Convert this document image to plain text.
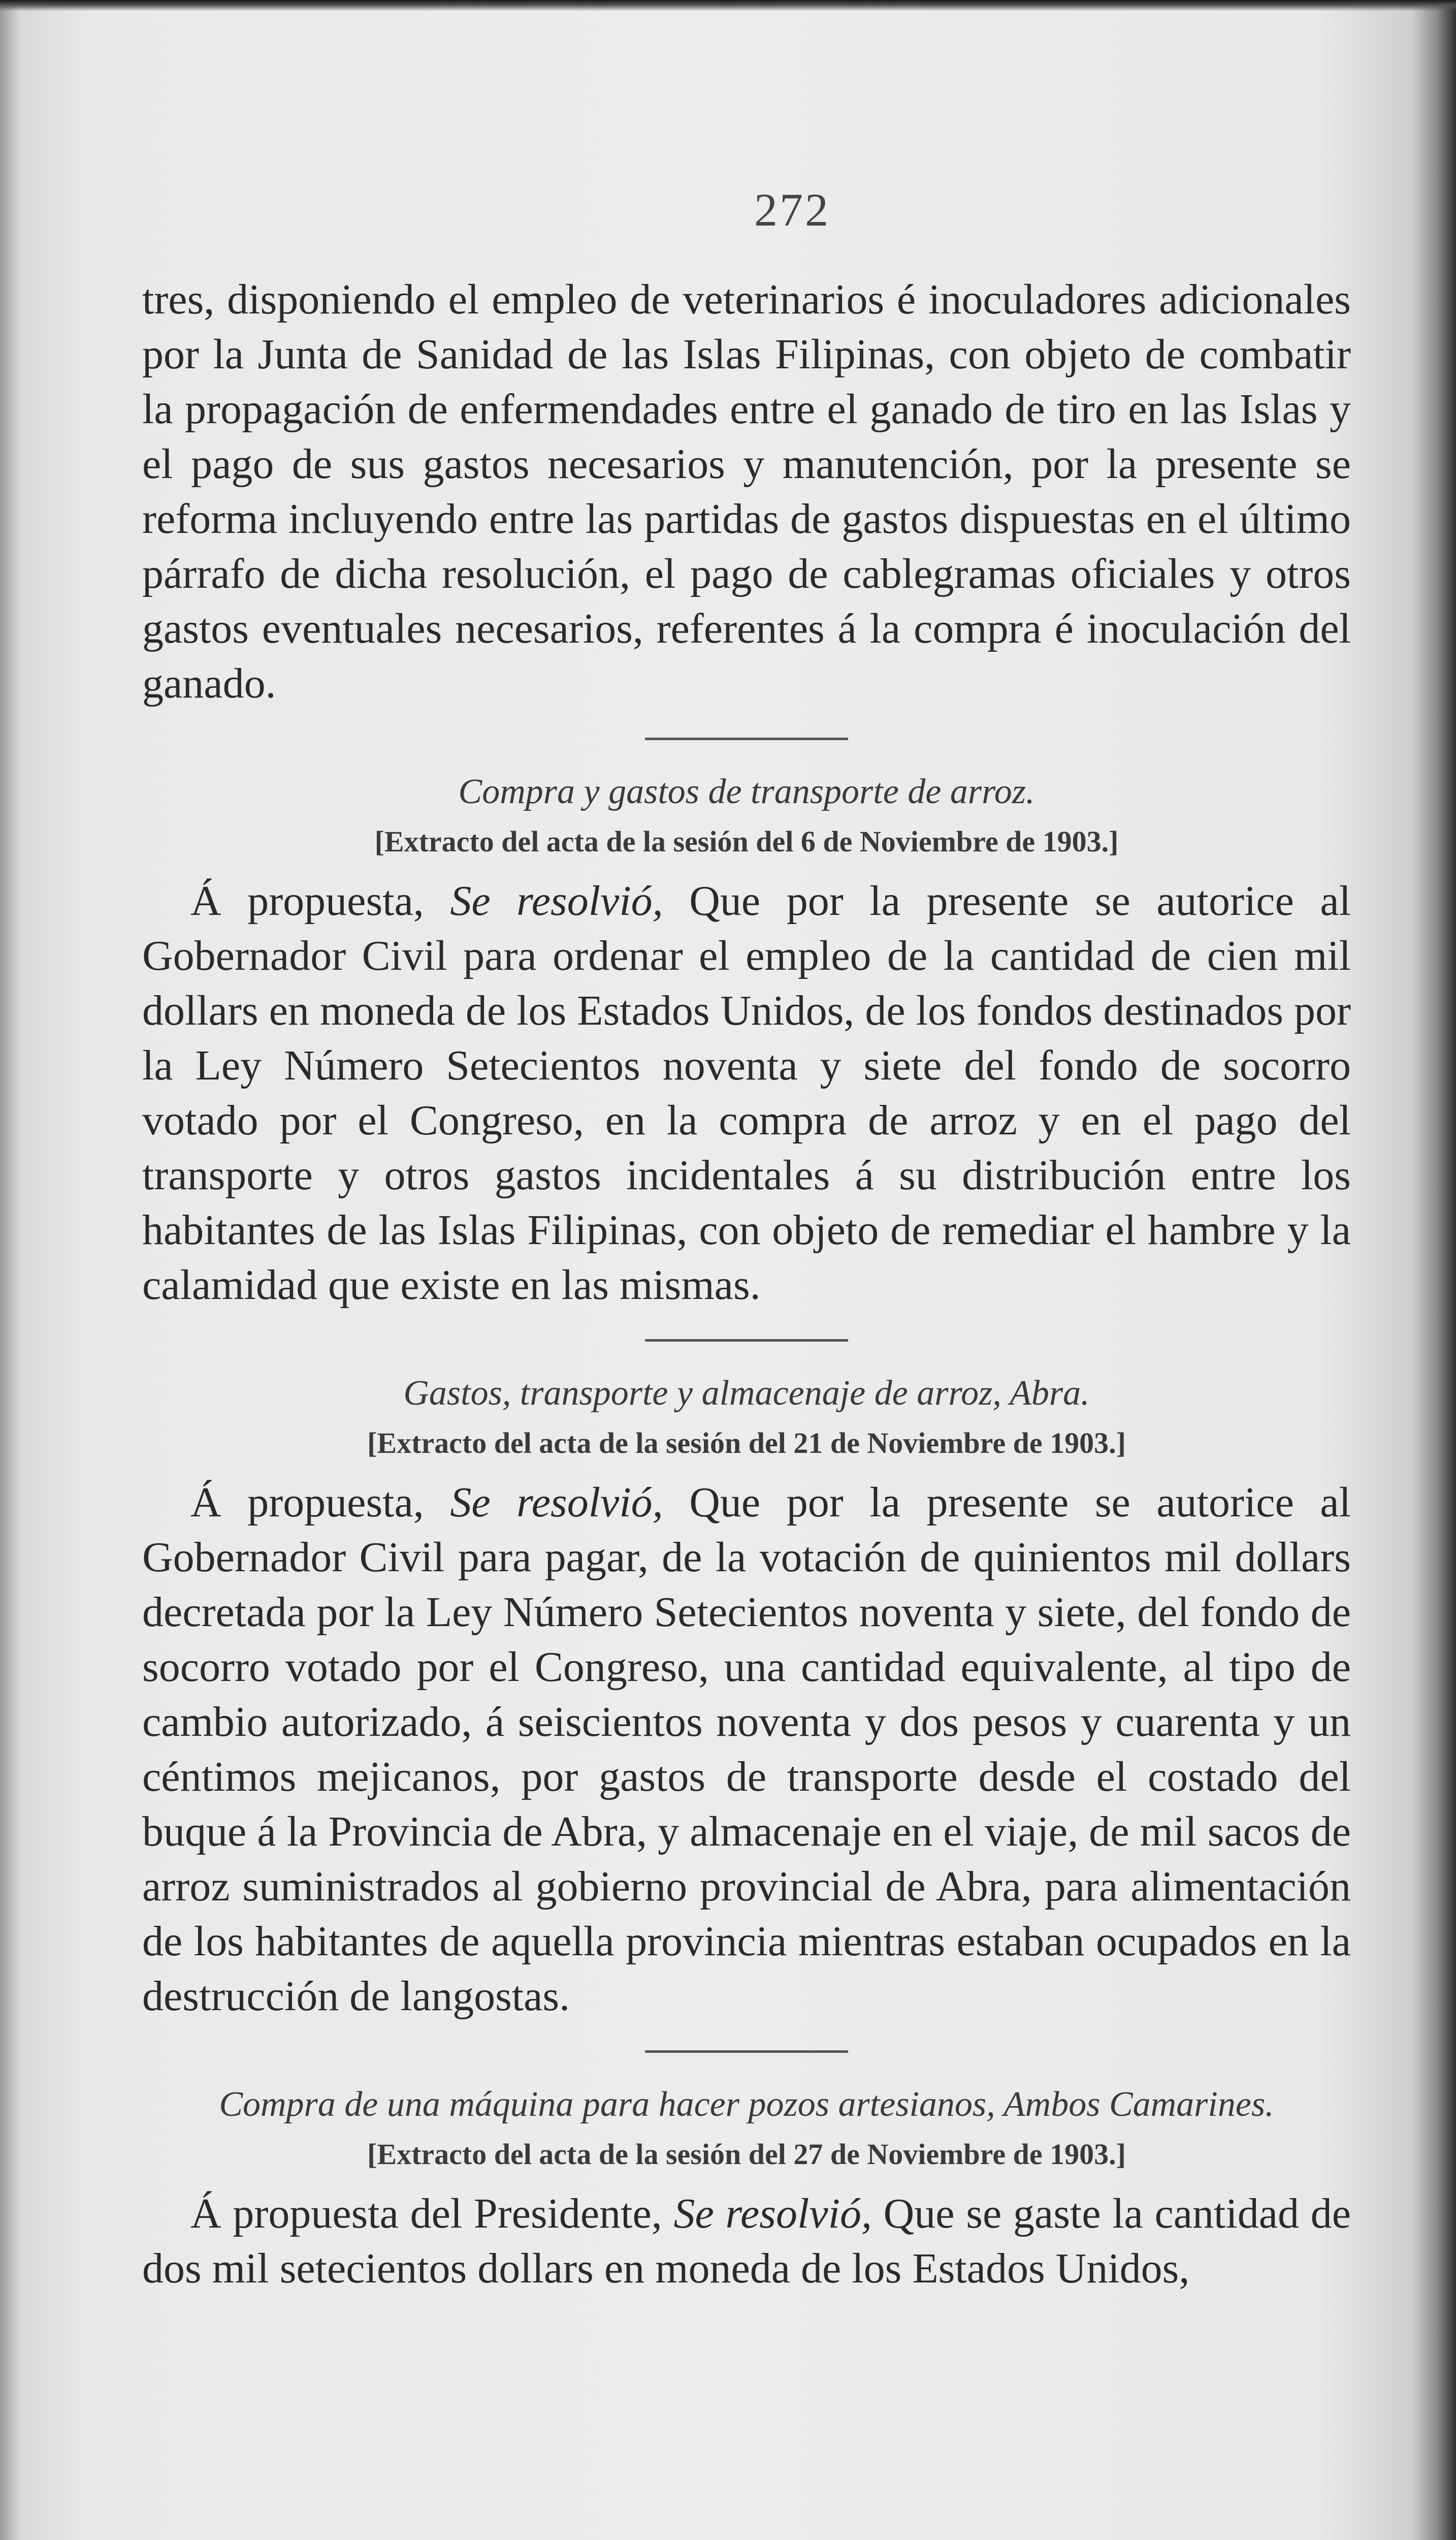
272

tres, disponiendo el empleo de veterinarios é inoculadores adicionales por la Junta de Sanidad de las Islas Filipinas, con objeto de combatir la propagación de enfermendades entre el ganado de tiro en las Islas y el pago de sus gastos necesarios y manutención, por la presente se reforma incluyendo entre las partidas de gastos dispuestas en el último párrafo de dicha resolución, el pago de cablegramas oficiales y otros gastos eventuales necesarios, referentes á la compra é inoculación del ganado.

Compra y gastos de transporte de arroz.
[Extracto del acta de la sesión del 6 de Noviembre de 1903.]

Á propuesta, Se resolvió, Que por la presente se autorice al Gobernador Civil para ordenar el empleo de la cantidad de cien mil dollars en moneda de los Estados Unidos, de los fondos destinados por la Ley Número Setecientos noventa y siete del fondo de socorro votado por el Congreso, en la compra de arroz y en el pago del transporte y otros gastos incidentales á su distribución entre los habitantes de las Islas Filipinas, con objeto de remediar el hambre y la calamidad que existe en las mismas.

Gastos, transporte y almacenaje de arroz, Abra.
[Extracto del acta de la sesión del 21 de Noviembre de 1903.]

Á propuesta, Se resolvió, Que por la presente se autorice al Gobernador Civil para pagar, de la votación de quinientos mil dollars decretada por la Ley Número Setecientos noventa y siete, del fondo de socorro votado por el Congreso, una cantidad equivalente, al tipo de cambio autorizado, á seiscientos noventa y dos pesos y cuarenta y un céntimos mejicanos, por gastos de transporte desde el costado del buque á la Provincia de Abra, y almacenaje en el viaje, de mil sacos de arroz suministrados al gobierno provincial de Abra, para alimentación de los habitantes de aquella provincia mientras estaban ocupados en la destrucción de langostas.

Compra de una máquina para hacer pozos artesianos, Ambos Camarines.
[Extracto del acta de la sesión del 27 de Noviembre de 1903.]

Á propuesta del Presidente, Se resolvió, Que se gaste la cantidad de dos mil setecientos dollars en moneda de los Estados Unidos,
